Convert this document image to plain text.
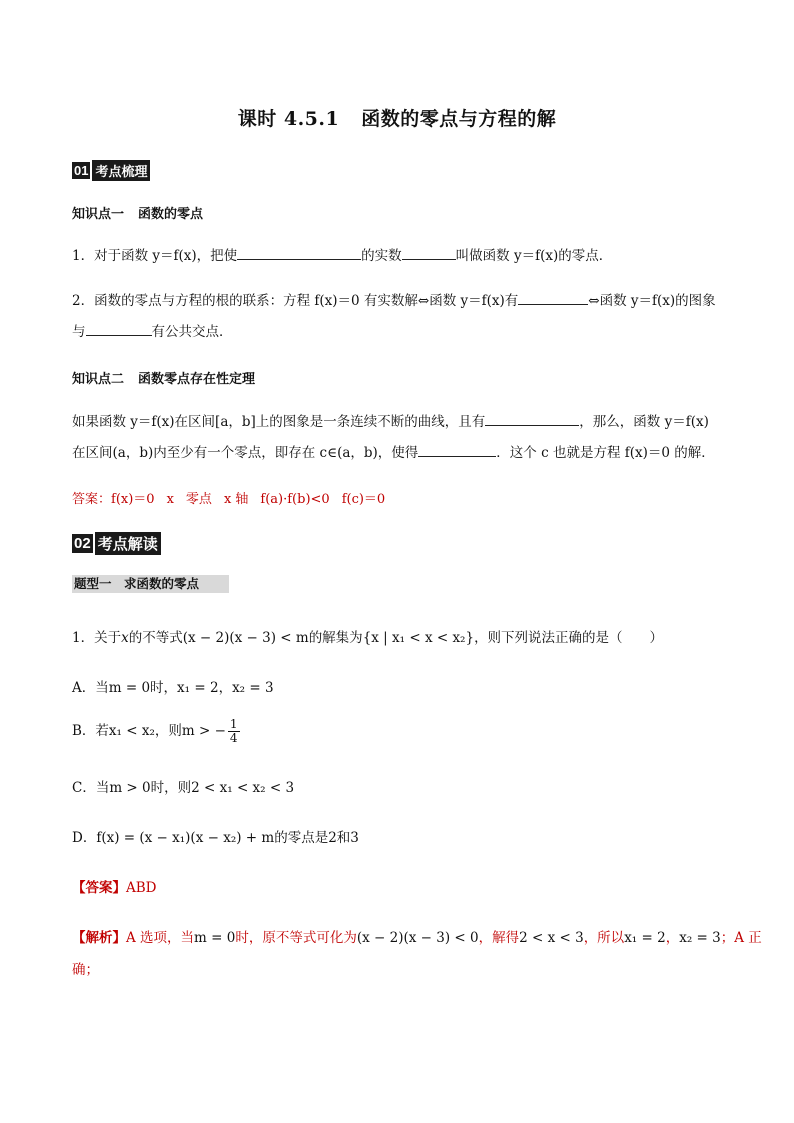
课时 4.5.1 函数的零点与方程的解
01 考点梳理
知识点一 函数的零点
1．对于函数 y＝f(x)，把使	的实数	叫做函数 y＝f(x)的零点．
2．函数的零点与方程的根的联系：方程 f(x)＝0 有实数解⇔函数 y＝f(x)有	⇔函数 y＝f(x)的图象
与	有公共交点．
知识点二 函数零点存在性定理
如果函数 y＝f(x)在区间[a，b]上的图象是一条连续不断的曲线，且有	，那么，函数 y＝f(x)
在区间(a，b)内至少有一个零点，即存在 c∈(a，b)，使得	．这个 c 也就是方程 f(x)＝0 的解．
答案：f(x)＝0 x 零点 x 轴 f(a)·f(b)<0 f(c)＝0
02 考点解读
题型一　求函数的零点
1．关于x的不等式(x − 2)(x − 3) < m的解集为{x | x₁ < x < x₂}，则下列说法正确的是（　　）
A．当m = 0时，x₁ = 2，x₂ = 3
B．若x₁ < x₂，则m > − $\frac{1}{4}$
C．当m > 0时，则2 < x₁ < x₂ < 3
D．f(x) = (x − x₁)(x − x₂) + m的零点是2和3
【答案】ABD
【解析】A 选项，当m = 0时，原不等式可化为(x − 2)(x − 3) < 0，解得2 < x < 3，所以x₁ = 2，x₂ = 3；A 正
确；
